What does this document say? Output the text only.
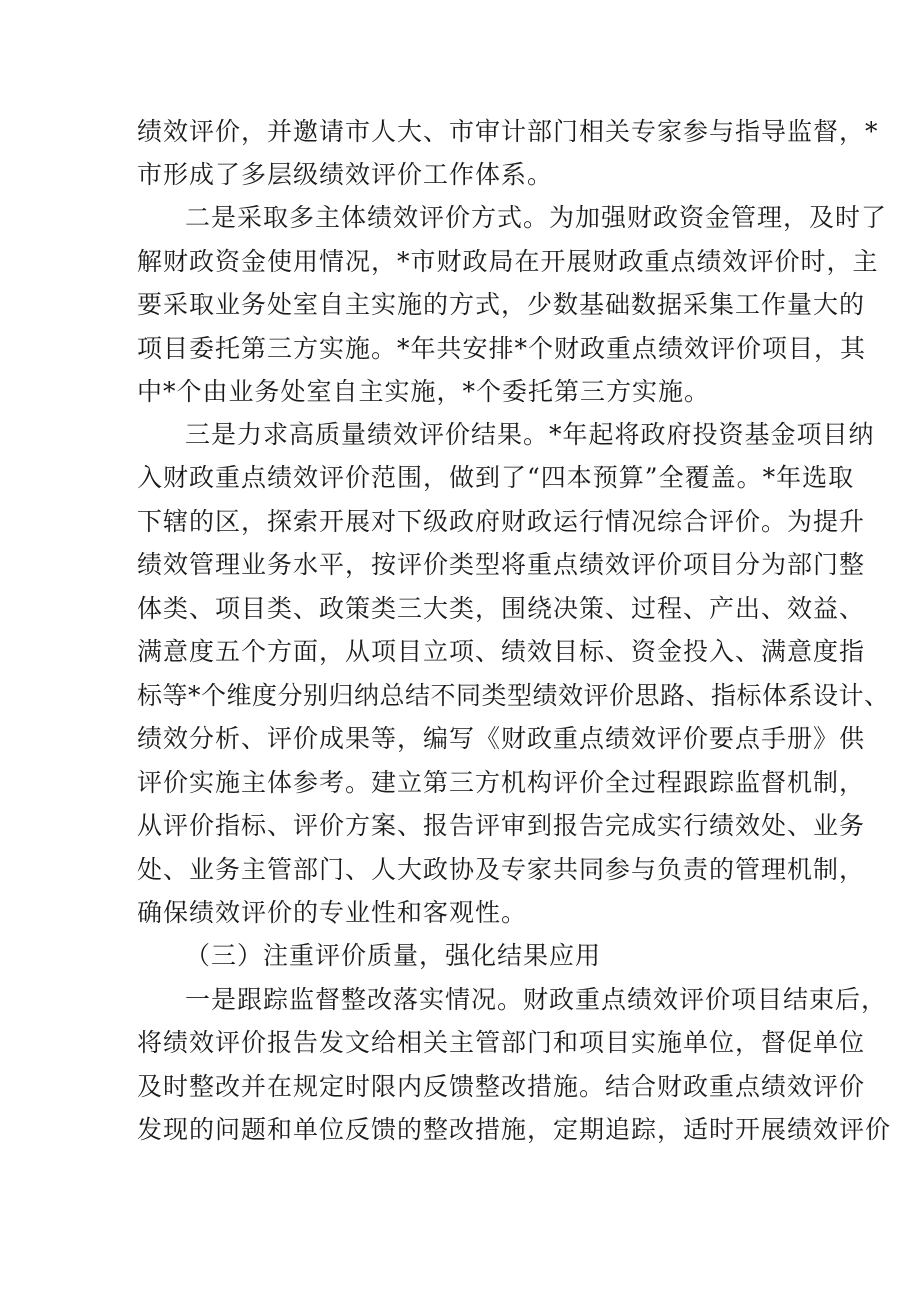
绩效评价，并邀请市人大、市审计部门相关专家参与指导监督，*
市形成了多层级绩效评价工作体系。
二是采取多主体绩效评价方式。为加强财政资金管理，及时了
解财政资金使用情况，*市财政局在开展财政重点绩效评价时，主
要采取业务处室自主实施的方式，少数基础数据采集工作量大的
项目委托第三方实施。*年共安排*个财政重点绩效评价项目，其
中*个由业务处室自主实施，*个委托第三方实施。
三是力求高质量绩效评价结果。*年起将政府投资基金项目纳
入财政重点绩效评价范围，做到了“四本预算”全覆盖。*年选取
下辖的区，探索开展对下级政府财政运行情况综合评价。为提升
绩效管理业务水平，按评价类型将重点绩效评价项目分为部门整
体类、项目类、政策类三大类，围绕决策、过程、产出、效益、
满意度五个方面，从项目立项、绩效目标、资金投入、满意度指
标等*个维度分别归纳总结不同类型绩效评价思路、指标体系设计、
绩效分析、评价成果等，编写《财政重点绩效评价要点手册》供
评价实施主体参考。建立第三方机构评价全过程跟踪监督机制，
从评价指标、评价方案、报告评审到报告完成实行绩效处、业务
处、业务主管部门、人大政协及专家共同参与负责的管理机制，
确保绩效评价的专业性和客观性。
（三）注重评价质量，强化结果应用
一是跟踪监督整改落实情况。财政重点绩效评价项目结束后，
将绩效评价报告发文给相关主管部门和项目实施单位，督促单位
及时整改并在规定时限内反馈整改措施。结合财政重点绩效评价
发现的问题和单位反馈的整改措施，定期追踪，适时开展绩效评价
